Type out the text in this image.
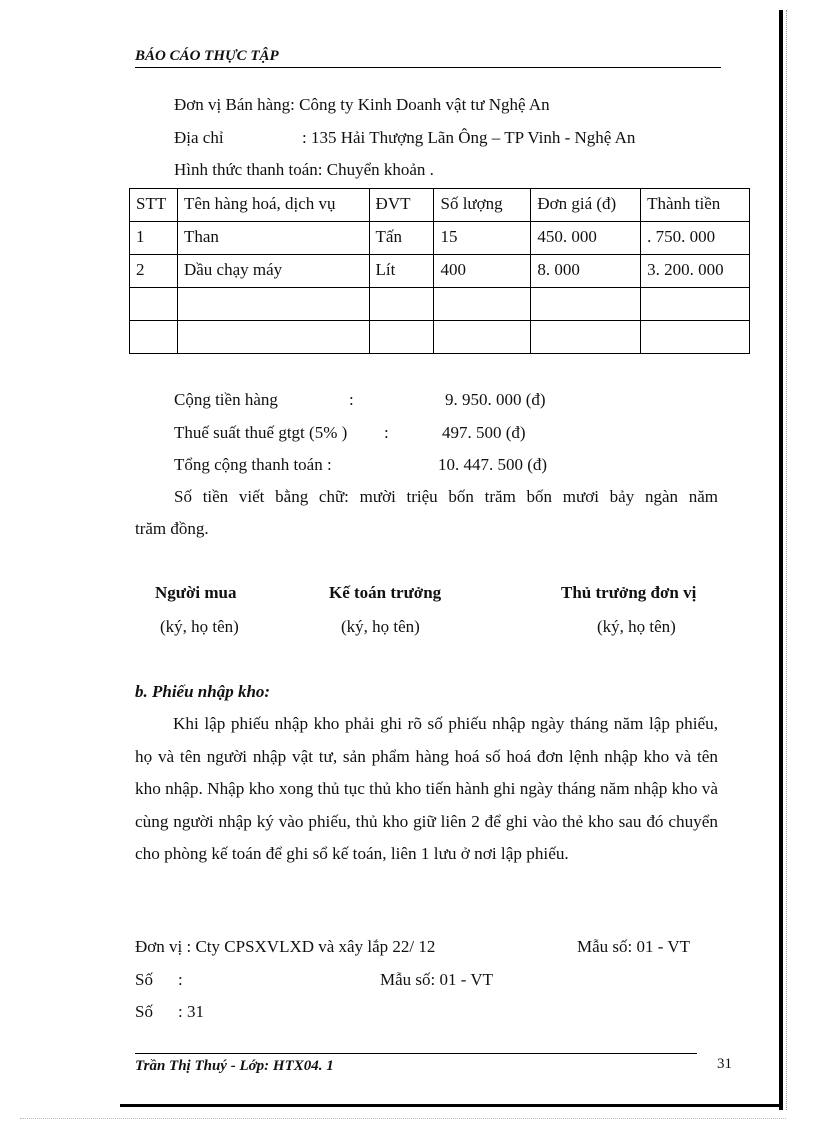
BÁO CÁO THỰC TẬP
Đơn vị Bán hàng: Công ty Kinh Doanh vật tư Nghệ An
Địa chỉ	: 135 Hải Thượng Lãn Ông – TP Vinh - Nghệ An
Hình thức thanh toán: Chuyển khoản .
STT	Tên hàng hoá, dịch vụ	ĐVT	Số lượng	Đơn giá (đ)	Thành tiền
1	Than	Tấn	15	450. 000	. 750. 000
2	Dầu chạy máy	Lít	400	8. 000	3. 200. 000

Cộng tiền hàng	:	9. 950. 000 (đ)
Thuế suất thuế gtgt (5% ) :	497. 500 (đ)
Tổng cộng thanh toán :	10. 447. 500 (đ)
Số tiền viết bằng chữ: mười triệu bốn trăm bốn mươi bảy ngàn năm
trăm đồng.
Người mua
(ký, họ tên)
Kế toán trưởng
(ký, họ tên)
Thủ trưởng đơn vị
(ký, họ tên)
b. Phiếu nhập kho:
Khi lập phiếu nhập kho phải ghi rõ số phiếu nhập ngày tháng năm lập phiếu, họ và tên người nhập vật tư, sản phẩm hàng hoá số hoá đơn lệnh nhập kho và tên kho nhập. Nhập kho xong thủ tục thủ kho tiến hành ghi ngày tháng năm nhập kho và cùng người nhập ký vào phiếu, thủ kho giữ liên 2 để ghi vào thẻ kho sau đó chuyển cho phòng kế toán để ghi sổ kế toán, liên 1 lưu ở nơi lập phiếu.
Đơn vị : Cty CPSXVLXD và xây lắp 22/ 12	Mẫu số: 01 - VT
Số :	Mẫu số: 01 - VT
Số : 31
Trần Thị Thuý - Lớp: HTX04. 1	31
